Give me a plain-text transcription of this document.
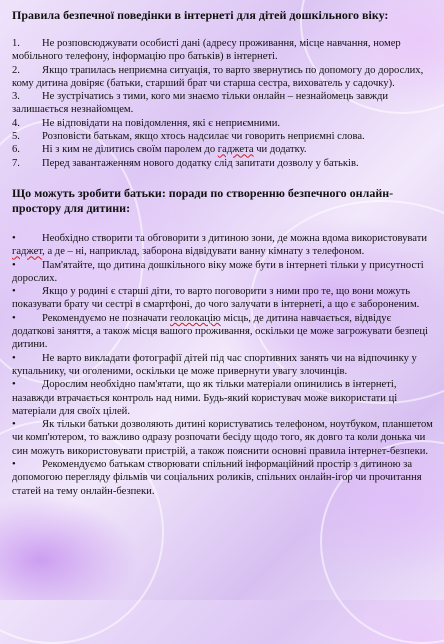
Правила безпечної поведінки в інтернеті для дітей дошкільного віку:

1. Не розповсюджувати особисті дані (адресу проживання, місце навчання, номер мобільного телефону, інформацію про батьків) в інтернеті.

2. Якщо трапилась неприємна ситуація, то варто звернутись по допомогу до дорослих, кому дитина довіряє (батьки, старший брат чи старша сестра, вихователь у садочку).

3. Не зустрічатись з тими, кого ми знаємо тільки онлайн – незнайомець завжди залишається незнайомцем.

4. Не відповідати на повідомлення, які є неприємними.

5. Розповісти батькам, якщо хтось надсилає чи говорить неприємні слова.

6. Ні з ким не ділитись своїм паролем до гаджета чи додатку.

7. Перед завантаженням нового додатку слід запитати дозволу у батьків.

Що можуть зробити батьки: поради по створенню безпечного онлайн-простору для дитини:

• Необхідно створити та обговорити з дитиною зони, де можна вдома використовувати гаджет, а де – ні, наприклад, заборона відвідувати ванну кімнату з телефоном.

• Пам'ятайте, що дитина дошкільного віку може бути в інтернеті тільки у присутності дорослих.

• Якщо у родині є старші діти, то варто поговорити з ними про те, що вони можуть показувати брату чи сестрі в смартфоні, до чого залучати в інтернеті, а що є забороненим.

• Рекомендуємо не позначати геолокацію місць, де дитина навчається, відвідує додаткові заняття, а також місця вашого проживання, оскільки це може загрожувати безпеці дитини.

• Не варто викладати фотографії дітей під час спортивних занять чи на відпочинку у купальнику, чи оголеними, оскільки це може привернути увагу злочинців.

• Дорослим необхідно пам'ятати, що як тільки матеріали опинились в інтернеті, назавжди втрачається контроль над ними. Будь-який користувач може використати ці матеріали для своїх цілей.

• Як тільки батьки дозволяють дитині користуватись телефоном, ноутбуком, планшетом чи комп'ютером, то важливо одразу розпочати бесіду щодо того, як довго та коли донька чи син можуть використовувати пристрій, а також пояснити основні правила інтернет-безпеки.

• Рекомендуємо батькам створювати спільний інформаційний простір з дитиною за допомогою перегляду фільмів чи соціальних роликів, спільних онлайн-ігор чи прочитання статей на тему онлайн-безпеки.
